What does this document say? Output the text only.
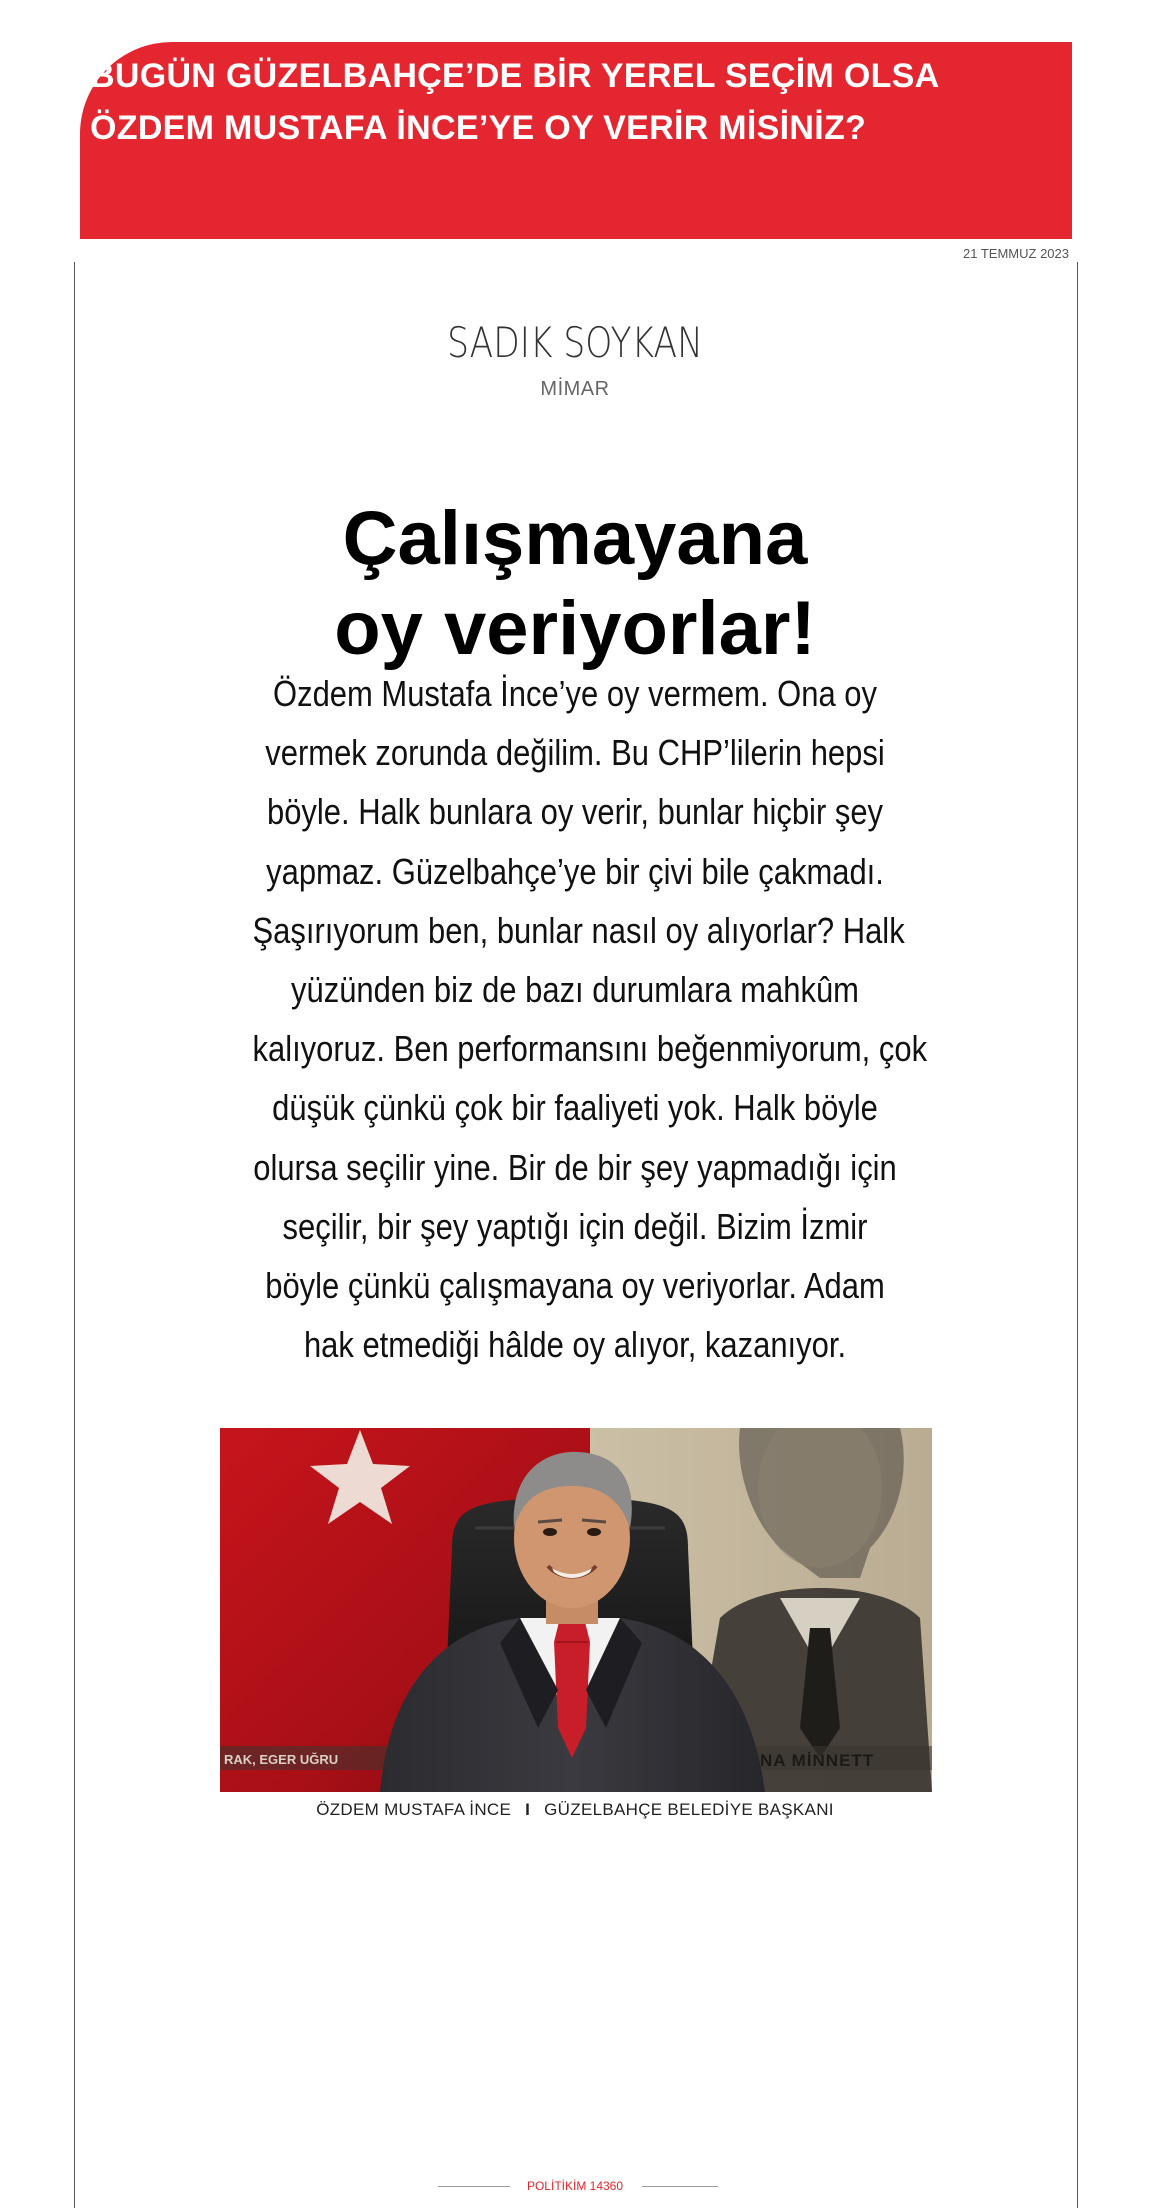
BUGÜN GÜZELBAHÇE’DE BİR YEREL SEÇİM OLSA
ÖZDEM MUSTAFA İNCE’YE OY VERİR MİSİNİZ?
21 TEMMUZ 2023
SADIK SOYKAN
MİMAR
Çalışmayana
oy veriyorlar!

Özdem Mustafa İnce’ye oy vermem. Ona oy
vermek zorunda değilim. Bu CHP’lilerin hepsi
böyle. Halk bunlara oy verir, bunlar hiçbir şey
yapmaz. Güzelbahçe’ye bir çivi bile çakmadı.
Şaşırıyorum ben, bunlar nasıl oy alıyorlar? Halk
yüzünden biz de bazı durumlara mahkûm
kalıyoruz. Ben performansını beğenmiyorum, çok
düşük çünkü çok bir faaliyeti yok. Halk böyle
olursa seçilir yine. Bir de bir şey yapmadığı için
seçilir, bir şey yaptığı için değil. Bizim İzmir
böyle çünkü çalışmayana oy veriyorlar. Adam
hak etmediği hâlde oy alıyor, kazanıyor.

RAK, EGER UĞRU	NA MİNNETT
ÖZDEM MUSTAFA İNCE I GÜZELBAHÇE BELEDİYE BAŞKANI
POLİTİKİM 14360
